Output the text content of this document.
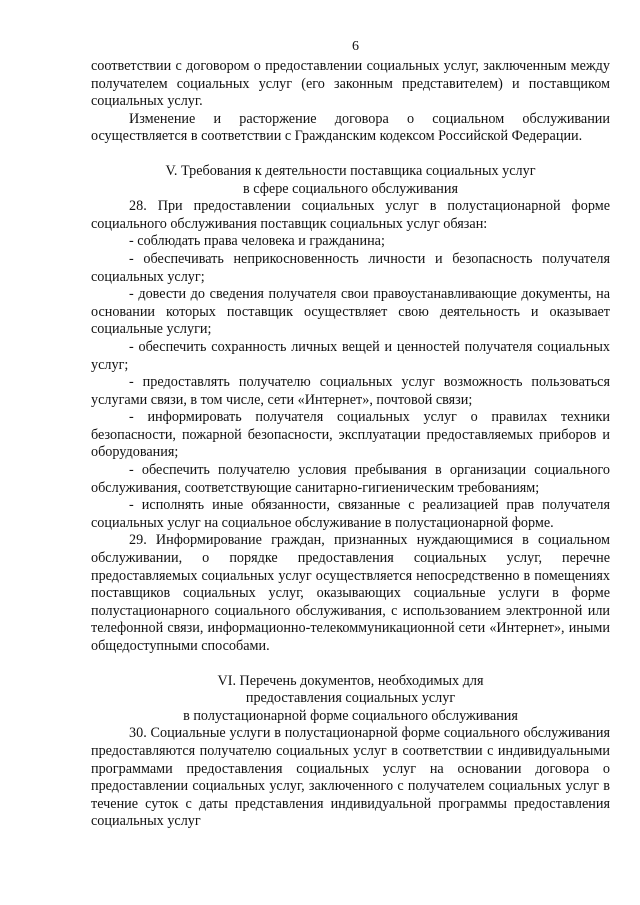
6

соответствии с договором о предоставлении социальных услуг, заключенным между получателем социальных услуг (его законным представителем) и поставщиком социальных услуг.

Изменение и расторжение договора о социальном обслуживании осуществляется в соответствии с Гражданским кодексом Российской Федерации.

V. Требования к деятельности поставщика социальных услуг
в сфере социального обслуживания

28. При предоставлении социальных услуг в полустационарной форме социального обслуживания поставщик социальных услуг обязан:

- соблюдать права человека и гражданина;

- обеспечивать неприкосновенность личности и безопасность получателя социальных услуг;

- довести до сведения получателя свои правоустанавливающие документы, на основании которых поставщик осуществляет свою деятельность и оказывает социальные услуги;

- обеспечить сохранность личных вещей и ценностей получателя социальных услуг;

- предоставлять получателю социальных услуг возможность пользоваться услугами связи, в том числе, сети «Интернет», почтовой связи;

- информировать получателя социальных услуг о правилах техники безопасности, пожарной безопасности, эксплуатации предоставляемых приборов и оборудования;

- обеспечить получателю условия пребывания в организации социального обслуживания, соответствующие санитарно-гигиеническим требованиям;

- исполнять иные обязанности, связанные с реализацией прав получателя социальных услуг на социальное обслуживание в полустационарной форме.

29. Информирование граждан, признанных нуждающимися в социальном обслуживании, о порядке предоставления социальных услуг, перечне предоставляемых социальных услуг осуществляется непосредственно в помещениях поставщиков социальных услуг, оказывающих социальные услуги в форме полустационарного социального обслуживания, с использованием электронной или телефонной связи, информационно-телекоммуникационной сети «Интернет», иными общедоступными способами.

VI. Перечень документов, необходимых для
предоставления социальных услуг
в полустационарной форме социального обслуживания

30. Социальные услуги в полустационарной форме социального обслуживания предоставляются получателю социальных услуг в соответствии с индивидуальными программами предоставления социальных услуг на основании договора о предоставлении социальных услуг, заключенного с получателем социальных услуг в течение суток с даты представления индивидуальной программы предоставления социальных услуг
